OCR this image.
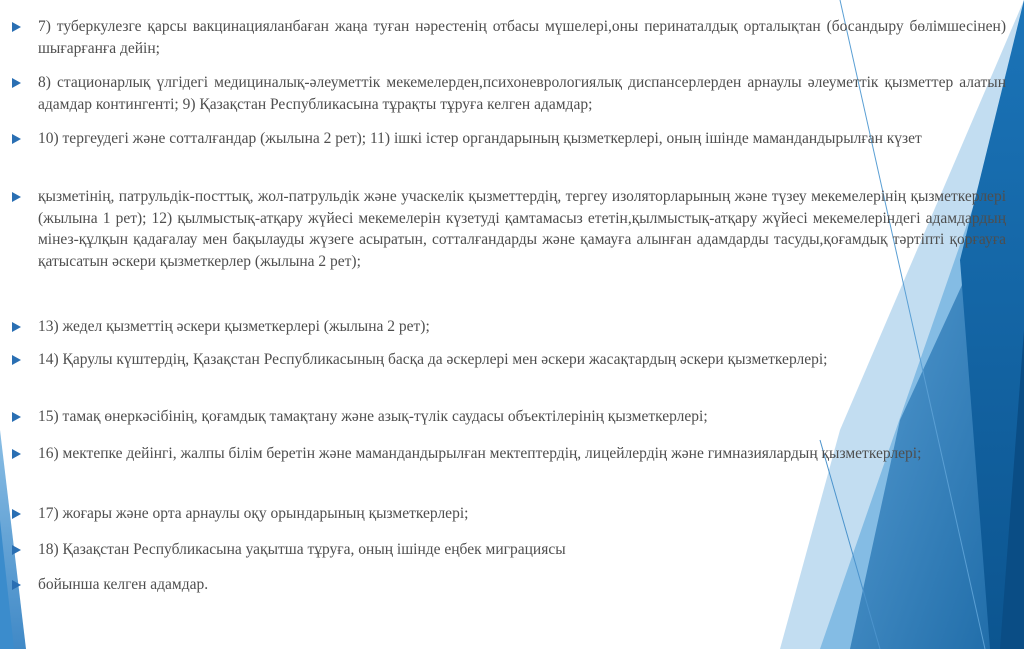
7) туберкулезге қарсы вакцинацияланбаған жаңа туған нәрестенің отбасы мүшелері,оны перинаталдық орталықтан (босандыру бөлімшесінен) шығарғанға дейін;
8) стационарлық үлгідегі медициналық-әлеуметтік мекемелерден,психоневрологиялық диспансерлерден арнаулы әлеуметтік қызметтер алатын адамдар контингенті; 9) Қазақстан Республикасына тұрақты тұруға келген адамдар;
10) тергеудегі және сотталғандар (жылына 2 рет); 11) ішкі істер органдарының қызметкерлері, оның ішінде мамандандырылған күзет
қызметінің, патрульдік-посттық, жол-патрульдік және учаскелік қызметтердің, тергеу изоляторларының және түзеу мекемелерінің қызметкерлері (жылына 1 рет); 12) қылмыстық-атқару жүйесі мекемелерін күзетуді қамтамасыз ететін,қылмыстық-атқару жүйесі мекемелеріндегі адамдардың мінез-құлқын қадағалау мен бақылауды жүзеге асыратын, сотталғандарды және қамауға алынған адамдарды тасуды,қоғамдық тәртіпті қорғауға қатысатын әскери қызметкерлер (жылына 2 рет);
13) жедел қызметтің әскери қызметкерлері (жылына 2 рет);
14) Қарулы күштердің, Қазақстан Республикасының басқа да әскерлері мен әскери жасақтардың әскери қызметкерлері;
15) тамақ өнеркәсібінің, қоғамдық тамақтану және азық-түлік саудасы объектілерінің қызметкерлері;
16) мектепке дейінгі, жалпы білім беретін және мамандандырылған мектептердің, лицейлердің және гимназиялардың қызметкерлері;
17) жоғары және орта арнаулы оқу орындарының қызметкерлері;
18) Қазақстан Республикасына уақытша тұруға, оның ішінде еңбек миграциясы
бойынша келген адамдар.
